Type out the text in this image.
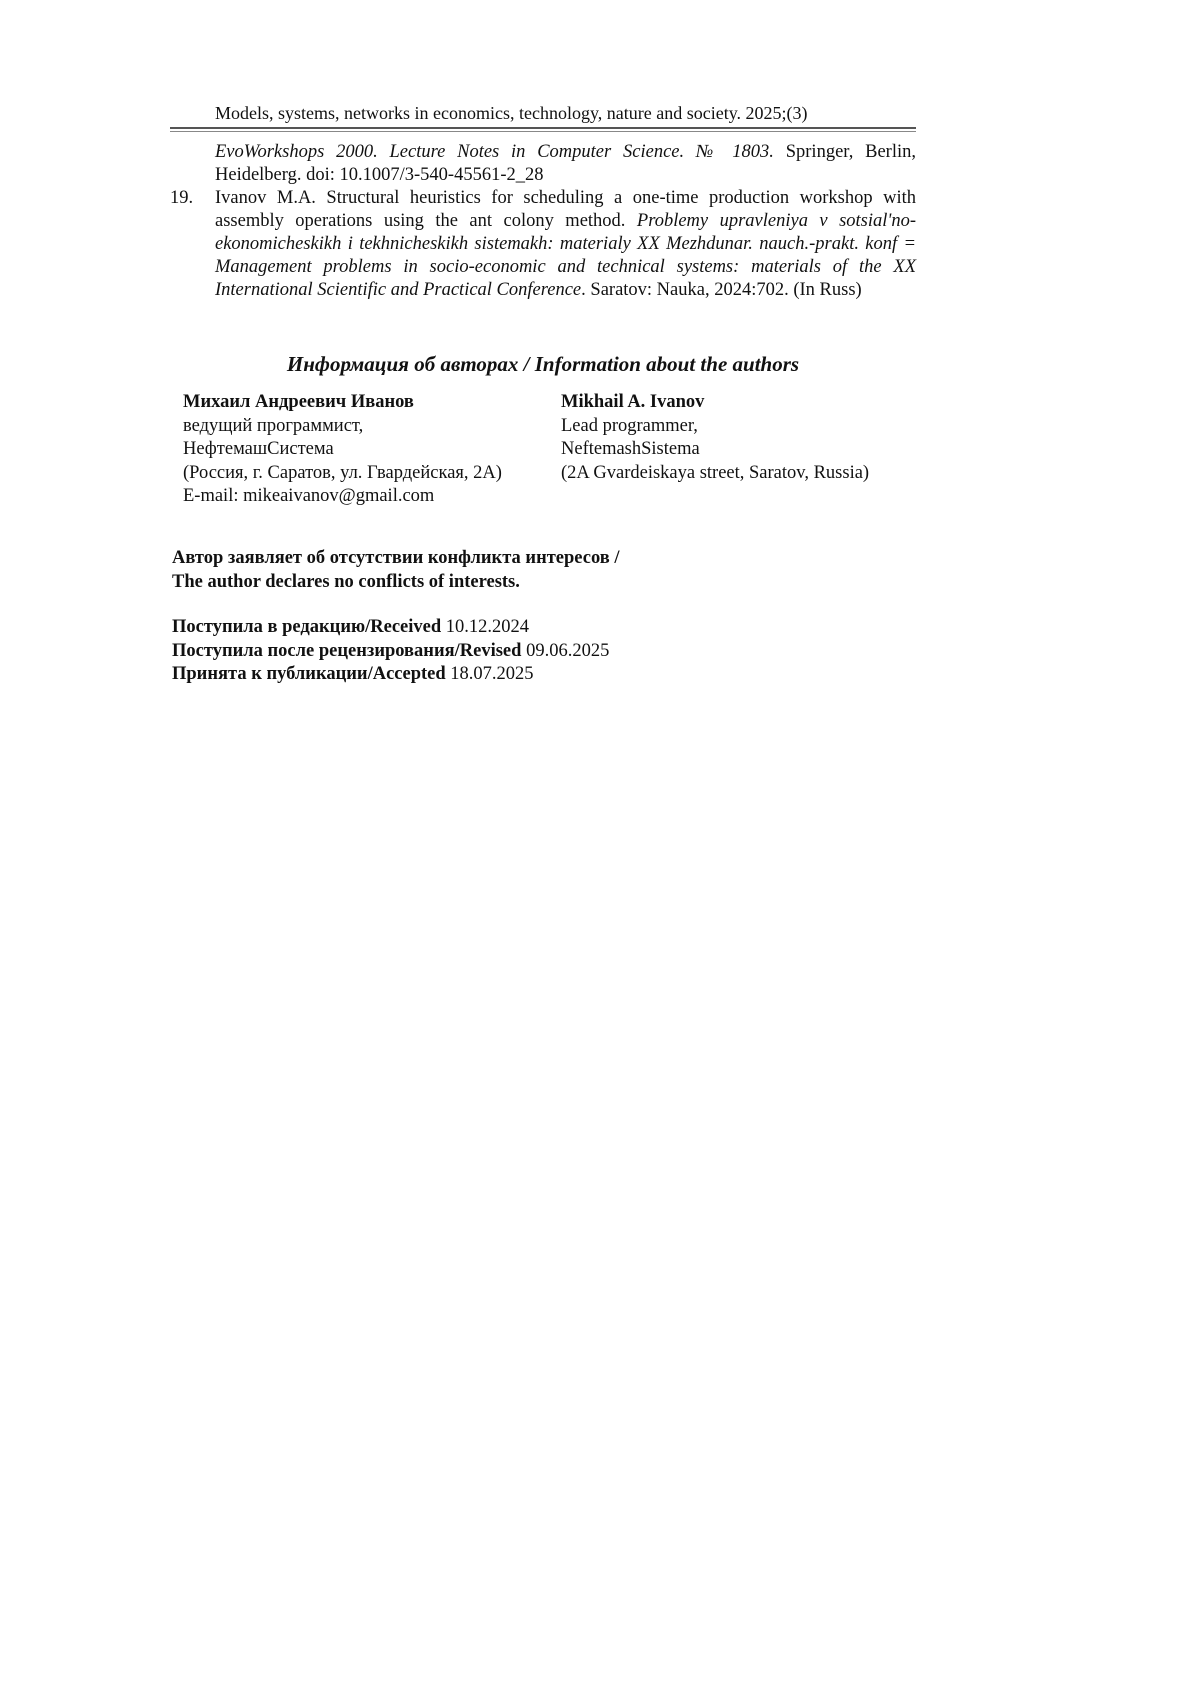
Models, systems, networks in economics, technology, nature and society. 2025;(3)
EvoWorkshops 2000. Lecture Notes in Computer Science. № 1803. Springer, Berlin, Heidelberg. doi: 10.1007/3-540-45561-2_28
19.	Ivanov M.A. Structural heuristics for scheduling a one-time production workshop with assembly operations using the ant colony method. Problemy upravleniya v sotsial'no-ekonomicheskikh i tekhnicheskikh sistemakh: materialy XX Mezhdunar. nauch.-prakt. konf = Management problems in socio-economic and technical systems: materials of the XX International Scientific and Practical Conference. Saratov: Nauka, 2024:702. (In Russ)
Информация об авторах / Information about the authors
Михаил Андреевич Иванов
ведущий программист,
НефтемашСистема
(Россия, г. Саратов, ул. Гвардейская, 2А)
E-mail: mikeaivanov@gmail.com
Mikhail A. Ivanov
Lead programmer,
NeftemashSistema
(2A Gvardeiskaya street, Saratov, Russia)
Автор заявляет об отсутствии конфликта интересов /
The author declares no conflicts of interests.
Поступила в редакцию/Received 10.12.2024
Поступила после рецензирования/Revised 09.06.2025
Принята к публикации/Accepted 18.07.2025
